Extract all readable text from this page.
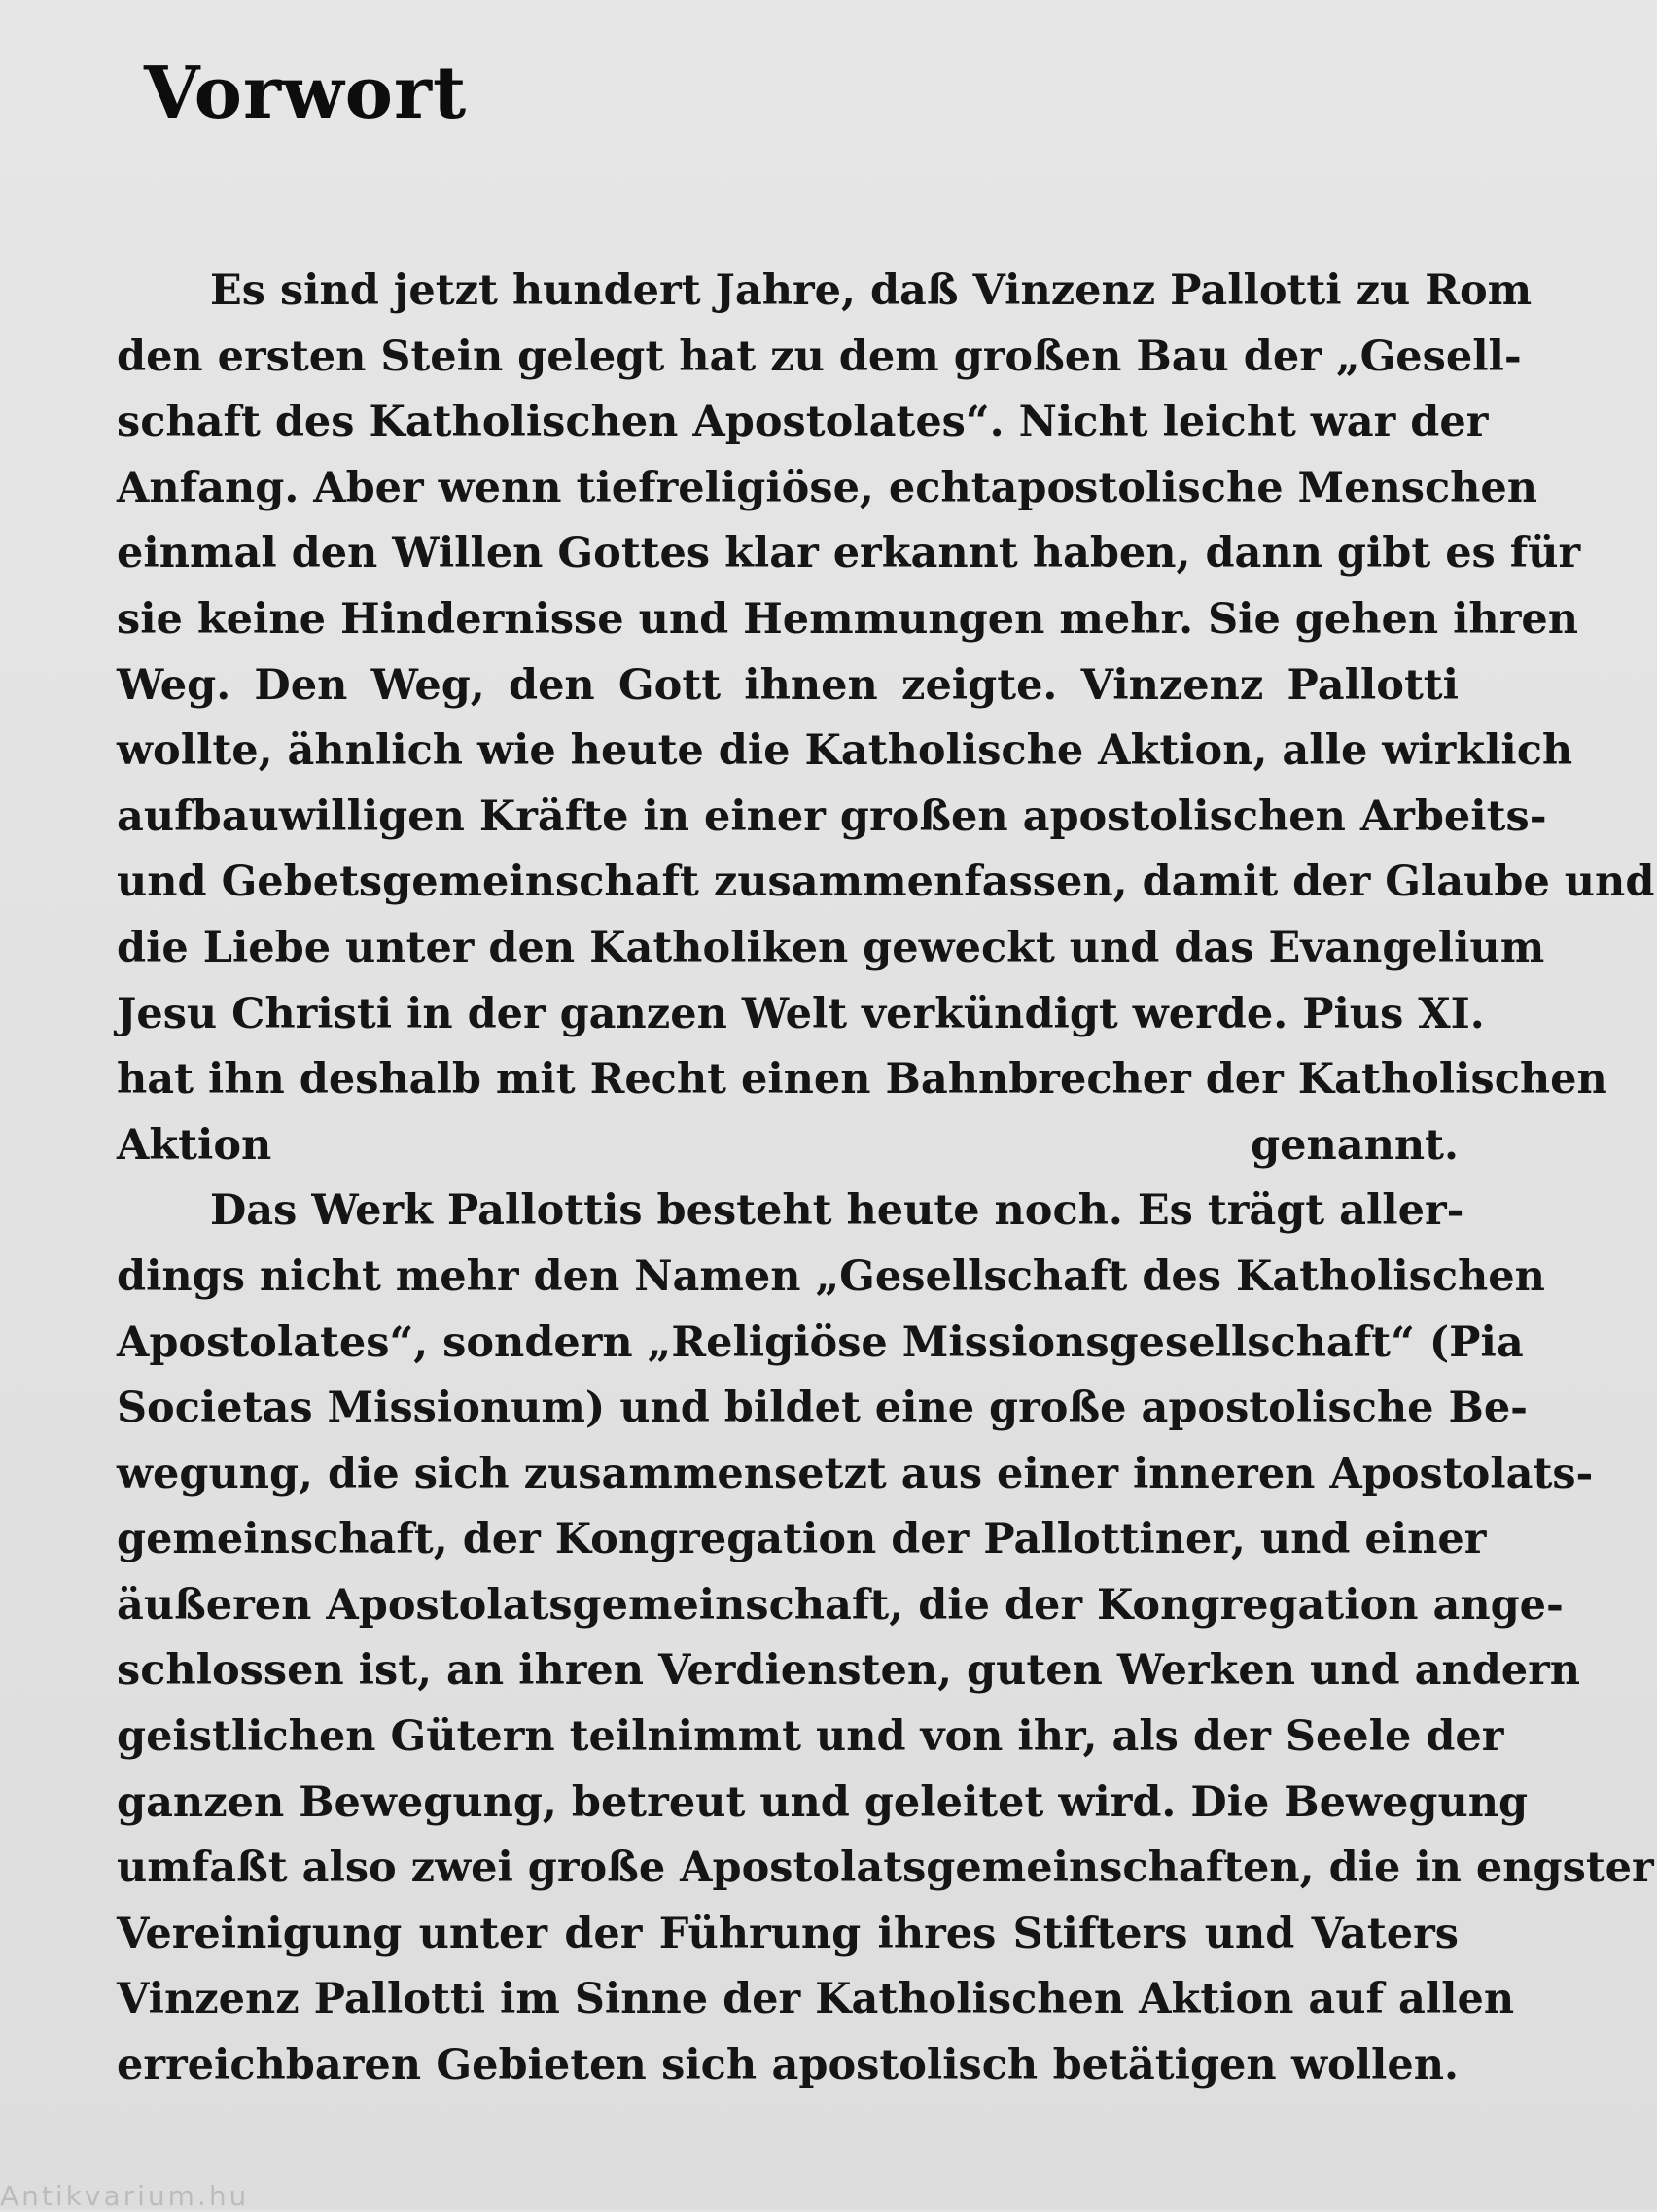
Vorwort
Es sind jetzt hundert Jahre, daß Vinzenz Pallotti zu Rom
den ersten Stein gelegt hat zu dem großen Bau der „Gesell-
schaft des Katholischen Apostolates“. Nicht leicht war der
Anfang. Aber wenn tiefreligiöse, echtapostolische Menschen
einmal den Willen Gottes klar erkannt haben, dann gibt es für
sie keine Hindernisse und Hemmungen mehr. Sie gehen ihren
Weg. Den Weg, den Gott ihnen zeigte. Vinzenz Pallotti
wollte, ähnlich wie heute die Katholische Aktion, alle wirklich
aufbauwilligen Kräfte in einer großen apostolischen Arbeits-
und Gebetsgemeinschaft zusammenfassen, damit der Glaube und
die Liebe unter den Katholiken geweckt und das Evangelium
Jesu Christi in der ganzen Welt verkündigt werde. Pius XI.
hat ihn deshalb mit Recht einen Bahnbrecher der Katholischen
Aktion genannt.
Das Werk Pallottis besteht heute noch. Es trägt aller-
dings nicht mehr den Namen „Gesellschaft des Katholischen
Apostolates“, sondern „Religiöse Missionsgesellschaft“ (Pia
Societas Missionum) und bildet eine große apostolische Be-
wegung, die sich zusammensetzt aus einer inneren Apostolats-
gemeinschaft, der Kongregation der Pallottiner, und einer
äußeren Apostolatsgemeinschaft, die der Kongregation ange-
schlossen ist, an ihren Verdiensten, guten Werken und andern
geistlichen Gütern teilnimmt und von ihr, als der Seele der
ganzen Bewegung, betreut und geleitet wird. Die Bewegung
umfaßt also zwei große Apostolatsgemeinschaften, die in engster
Vereinigung unter der Führung ihres Stifters und Vaters
Vinzenz Pallotti im Sinne der Katholischen Aktion auf allen
erreichbaren Gebieten sich apostolisch betätigen wollen.
Antikvarium.hu
